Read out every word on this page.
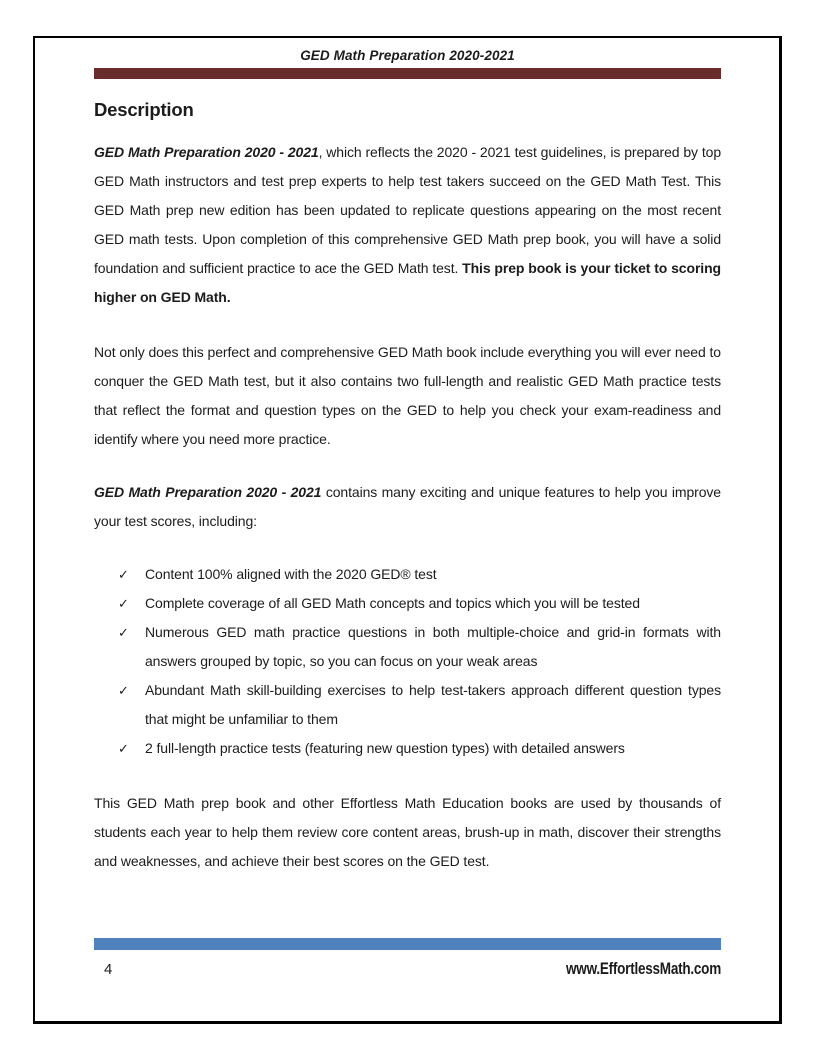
GED Math Preparation 2020-2021
Description

GED Math Preparation 2020 - 2021, which reflects the 2020 - 2021 test guidelines, is prepared by top GED Math instructors and test prep experts to help test takers succeed on the GED Math Test. This GED Math prep new edition has been updated to replicate questions appearing on the most recent GED math tests. Upon completion of this comprehensive GED Math prep book, you will have a solid foundation and sufficient practice to ace the GED Math test. This prep book is your ticket to scoring higher on GED Math.

Not only does this perfect and comprehensive GED Math book include everything you will ever need to conquer the GED Math test, but it also contains two full-length and realistic GED Math practice tests that reflect the format and question types on the GED to help you check your exam-readiness and identify where you need more practice.

GED Math Preparation 2020 - 2021 contains many exciting and unique features to help you improve your test scores, including:

✓	Content 100% aligned with the 2020 GED® test
✓	Complete coverage of all GED Math concepts and topics which you will be tested
✓	Numerous GED math practice questions in both multiple-choice and grid-in formats with answers grouped by topic, so you can focus on your weak areas
✓	Abundant Math skill-building exercises to help test-takers approach different question types that might be unfamiliar to them
✓	2 full-length practice tests (featuring new question types) with detailed answers

This GED Math prep book and other Effortless Math Education books are used by thousands of students each year to help them review core content areas, brush-up in math, discover their strengths and weaknesses, and achieve their best scores on the GED test.

4	www.EffortlessMath.com
